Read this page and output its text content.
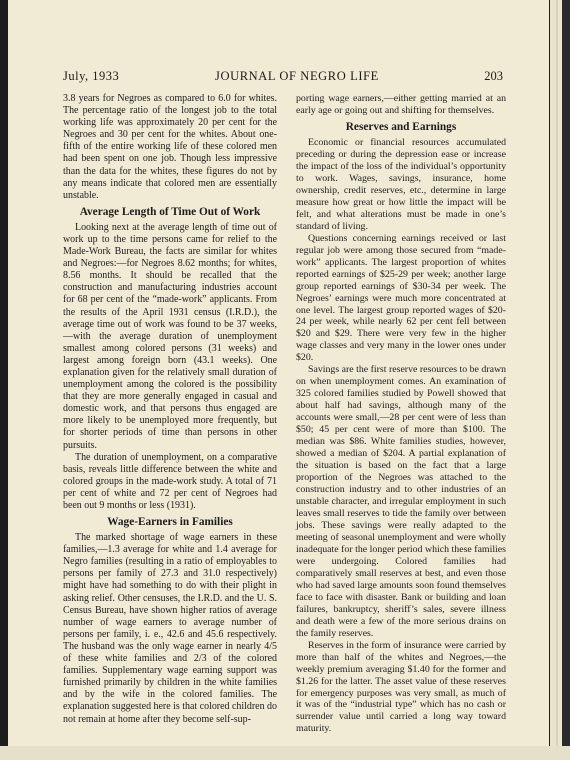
July, 1933	JOURNAL OF NEGRO LIFE	203

3.8 years for Negroes as compared to 6.0 for whites. The percentage ratio of the longest job to the total working life was approximately 20 per cent for the Negroes and 30 per cent for the whites. About one-fifth of the entire working life of these colored men had been spent on one job. Though less impressive than the data for the whites, these figures do not by any means indicate that colored men are essentially unstable.

Average Length of Time Out of Work

Looking next at the average length of time out of work up to the time persons came for relief to the Made-Work Bureau, the facts are similar for whites and Negroes:—for Negroes 8.62 months; for whites, 8.56 months. It should be recalled that the construction and manufacturing industries account for 68 per cent of the “made-work” applicants. From the results of the April 1931 census (I.R.D.), the average time out of work was found to be 37 weeks,—with the average duration of unemployment smallest among colored persons (31 weeks) and largest among foreign born (43.1 weeks). One explanation given for the relatively small duration of unemployment among the colored is the possibility that they are more generally engaged in casual and domestic work, and that persons thus engaged are more likely to be unemployed more frequently, but for shorter periods of time than persons in other pursuits.

The duration of unemployment, on a comparative basis, reveals little difference between the white and colored groups in the made-work study. A total of 71 per cent of white and 72 per cent of Negroes had been out 9 months or less (1931).

Wage-Earners in Families

The marked shortage of wage earners in these families,—1.3 average for white and 1.4 average for Negro families (resulting in a ratio of employables to persons per family of 27.3 and 31.0 respectively) might have had something to do with their plight in asking relief. Other censuses, the I.R.D. and the U. S. Census Bureau, have shown higher ratios of average number of wage earners to average number of persons per family, i. e., 42.6 and 45.6 respectively. The husband was the only wage earner in nearly 4/5 of these white families and 2/3 of the colored families. Supplementary wage earning support was furnished primarily by children in the white families and by the wife in the colored families. The explanation suggested here is that colored children do not remain at home after they become self-sup-

porting wage earners,—either getting married at an early age or going out and shifting for themselves.

Reserves and Earnings

Economic or financial resources accumulated preceding or during the depression ease or increase the impact of the loss of the individual’s opportunity to work. Wages, savings, insurance, home ownership, credit reserves, etc., determine in large measure how great or how little the impact will be felt, and what alterations must be made in one’s standard of living.

Questions concerning earnings received or last regular job were among those secured from “made-work” applicants. The largest proportion of whites reported earnings of $25-29 per week; another large group reported earnings of $30-34 per week. The Negroes’ earnings were much more concentrated at one level. The largest group reported wages of $20-24 per week, while nearly 62 per cent fell between $20 and $29. There were very few in the higher wage classes and very many in the lower ones under $20.

Savings are the first reserve resources to be drawn on when unemployment comes. An examination of 325 colored families studied by Powell showed that about half had savings, although many of the accounts were small,—28 per cent were of less than $50; 45 per cent were of more than $100. The median was $86. White families studies, however, showed a median of $204. A partial explanation of the situation is based on the fact that a large proportion of the Negroes was attached to the construction industry and to other industries of an unstable character, and irregular employment in such leaves small reserves to tide the family over between jobs. These savings were really adapted to the meeting of seasonal unemployment and were wholly inadequate for the longer period which these families were undergoing. Colored families had comparatively small reserves at best, and even those who had saved large amounts soon found themselves face to face with disaster. Bank or building and loan failures, bankruptcy, sheriff’s sales, severe illness and death were a few of the more serious drains on the family reserves.

Reserves in the form of insurance were carried by more than half of the whites and Negroes,—the weekly premium averaging $1.40 for the former and $1.26 for the latter. The asset value of these reserves for emergency purposes was very small, as much of it was of the “industrial type” which has no cash or surrender value until carried a long way toward maturity.
